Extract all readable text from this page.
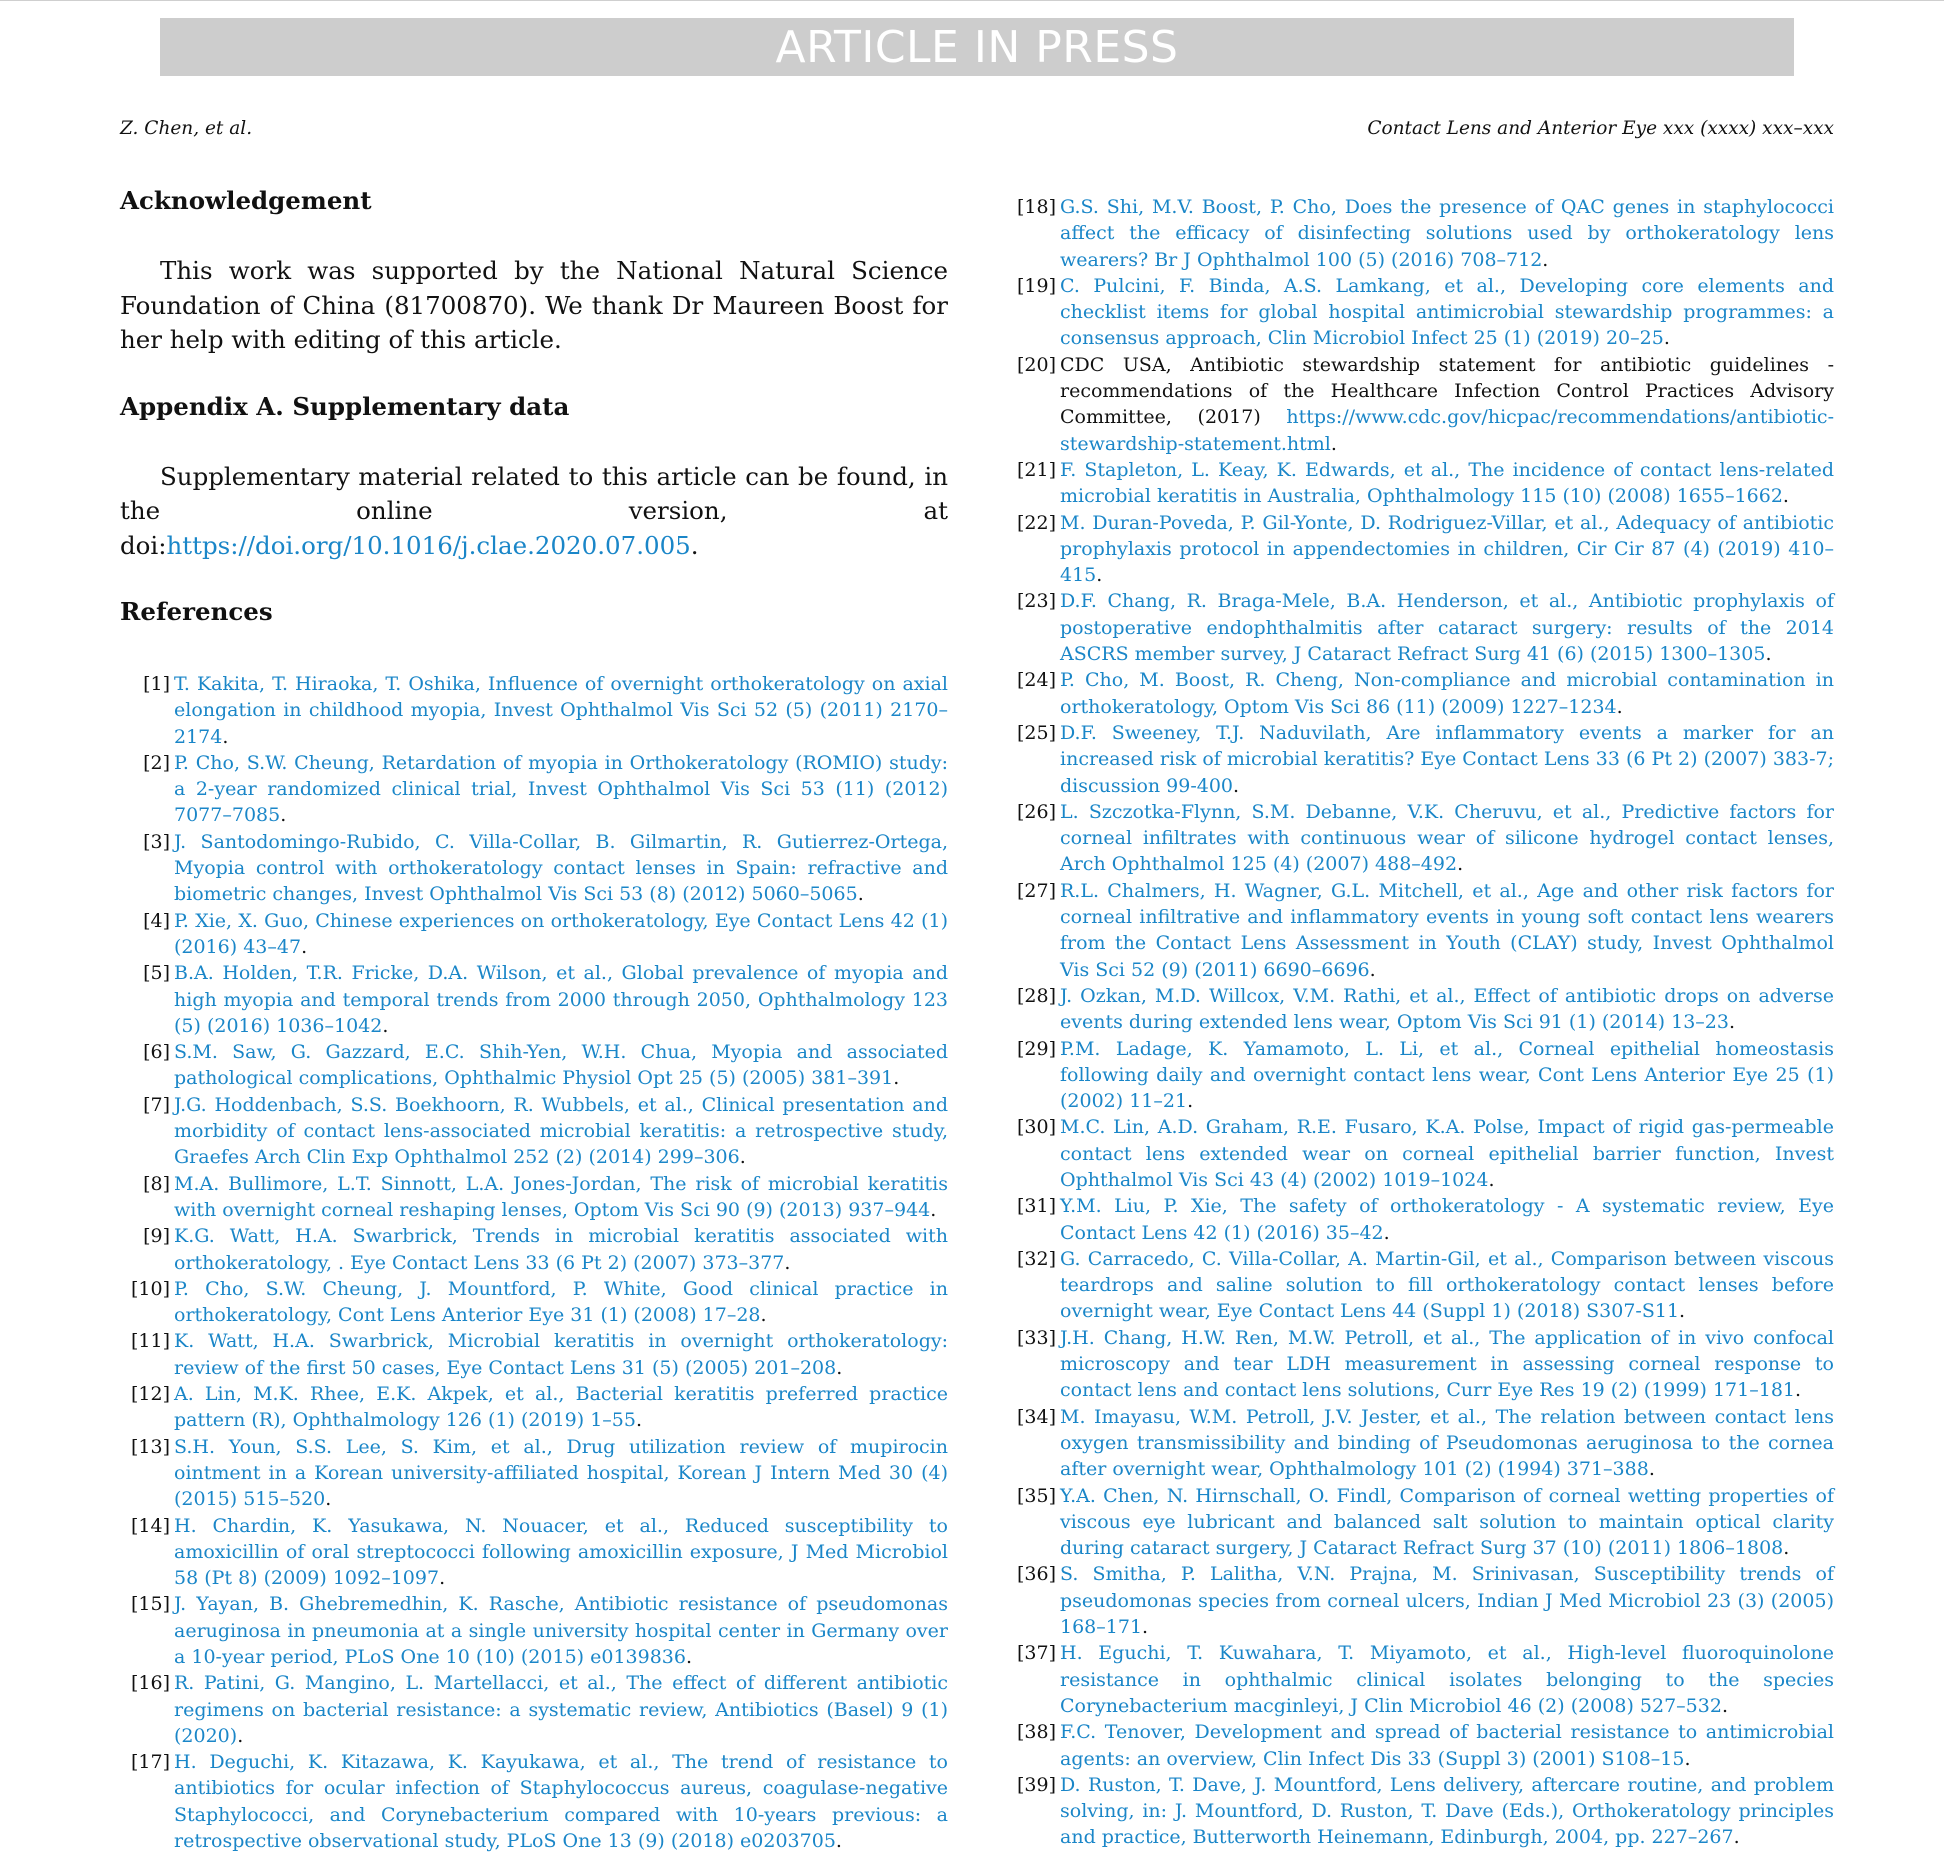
ARTICLE IN PRESS
Z. Chen, et al.	Contact Lens and Anterior Eye xxx (xxxx) xxx–xxx
Acknowledgement

This work was supported by the National Natural Science Foundation of China (81700870). We thank Dr Maureen Boost for her help with editing of this article.

Appendix A. Supplementary data

Supplementary material related to this article can be found, in the online version, at doi:https://doi.org/10.1016/j.clae.2020.07.005.

References
[1] T. Kakita, T. Hiraoka, T. Oshika, Influence of overnight orthokeratology on axial elongation in childhood myopia, Invest Ophthalmol Vis Sci 52 (5) (2011) 2170–2174.
[2] P. Cho, S.W. Cheung, Retardation of myopia in Orthokeratology (ROMIO) study: a 2-year randomized clinical trial, Invest Ophthalmol Vis Sci 53 (11) (2012) 7077–7085.
[3] J. Santodomingo-Rubido, C. Villa-Collar, B. Gilmartin, R. Gutierrez-Ortega, Myopia control with orthokeratology contact lenses in Spain: refractive and biometric changes, Invest Ophthalmol Vis Sci 53 (8) (2012) 5060–5065.
[4] P. Xie, X. Guo, Chinese experiences on orthokeratology, Eye Contact Lens 42 (1) (2016) 43–47.
[5] B.A. Holden, T.R. Fricke, D.A. Wilson, et al., Global prevalence of myopia and high myopia and temporal trends from 2000 through 2050, Ophthalmology 123 (5) (2016) 1036–1042.
[6] S.M. Saw, G. Gazzard, E.C. Shih-Yen, W.H. Chua, Myopia and associated pathological complications, Ophthalmic Physiol Opt 25 (5) (2005) 381–391.
[7] J.G. Hoddenbach, S.S. Boekhoorn, R. Wubbels, et al., Clinical presentation and morbidity of contact lens-associated microbial keratitis: a retrospective study, Graefes Arch Clin Exp Ophthalmol 252 (2) (2014) 299–306.
[8] M.A. Bullimore, L.T. Sinnott, L.A. Jones-Jordan, The risk of microbial keratitis with overnight corneal reshaping lenses, Optom Vis Sci 90 (9) (2013) 937–944.
[9] K.G. Watt, H.A. Swarbrick, Trends in microbial keratitis associated with orthokeratology, . Eye Contact Lens 33 (6 Pt 2) (2007) 373–377.
[10] P. Cho, S.W. Cheung, J. Mountford, P. White, Good clinical practice in orthokeratology, Cont Lens Anterior Eye 31 (1) (2008) 17–28.
[11] K. Watt, H.A. Swarbrick, Microbial keratitis in overnight orthokeratology: review of the first 50 cases, Eye Contact Lens 31 (5) (2005) 201–208.
[12] A. Lin, M.K. Rhee, E.K. Akpek, et al., Bacterial keratitis preferred practice pattern (R), Ophthalmology 126 (1) (2019) 1–55.
[13] S.H. Youn, S.S. Lee, S. Kim, et al., Drug utilization review of mupirocin ointment in a Korean university-affiliated hospital, Korean J Intern Med 30 (4) (2015) 515–520.
[14] H. Chardin, K. Yasukawa, N. Nouacer, et al., Reduced susceptibility to amoxicillin of oral streptococci following amoxicillin exposure, J Med Microbiol 58 (Pt 8) (2009) 1092–1097.
[15] J. Yayan, B. Ghebremedhin, K. Rasche, Antibiotic resistance of pseudomonas aeruginosa in pneumonia at a single university hospital center in Germany over a 10-year period, PLoS One 10 (10) (2015) e0139836.
[16] R. Patini, G. Mangino, L. Martellacci, et al., The effect of different antibiotic regimens on bacterial resistance: a systematic review, Antibiotics (Basel) 9 (1) (2020).
[17] H. Deguchi, K. Kitazawa, K. Kayukawa, et al., The trend of resistance to antibiotics for ocular infection of Staphylococcus aureus, coagulase-negative Staphylococci, and Corynebacterium compared with 10-years previous: a retrospective observational study, PLoS One 13 (9) (2018) e0203705.
[18] G.S. Shi, M.V. Boost, P. Cho, Does the presence of QAC genes in staphylococci affect the efficacy of disinfecting solutions used by orthokeratology lens wearers? Br J Ophthalmol 100 (5) (2016) 708–712.
[19] C. Pulcini, F. Binda, A.S. Lamkang, et al., Developing core elements and checklist items for global hospital antimicrobial stewardship programmes: a consensus approach, Clin Microbiol Infect 25 (1) (2019) 20–25.
[20] CDC USA, Antibiotic stewardship statement for antibiotic guidelines - recommendations of the Healthcare Infection Control Practices Advisory Committee, (2017) https://www.cdc.gov/hicpac/recommendations/antibiotic-stewardship-statement.html.
[21] F. Stapleton, L. Keay, K. Edwards, et al., The incidence of contact lens-related microbial keratitis in Australia, Ophthalmology 115 (10) (2008) 1655–1662.
[22] M. Duran-Poveda, P. Gil-Yonte, D. Rodriguez-Villar, et al., Adequacy of antibiotic prophylaxis protocol in appendectomies in children, Cir Cir 87 (4) (2019) 410–415.
[23] D.F. Chang, R. Braga-Mele, B.A. Henderson, et al., Antibiotic prophylaxis of postoperative endophthalmitis after cataract surgery: results of the 2014 ASCRS member survey, J Cataract Refract Surg 41 (6) (2015) 1300–1305.
[24] P. Cho, M. Boost, R. Cheng, Non-compliance and microbial contamination in orthokeratology, Optom Vis Sci 86 (11) (2009) 1227–1234.
[25] D.F. Sweeney, T.J. Naduvilath, Are inflammatory events a marker for an increased risk of microbial keratitis? Eye Contact Lens 33 (6 Pt 2) (2007) 383-7; discussion 99-400.
[26] L. Szczotka-Flynn, S.M. Debanne, V.K. Cheruvu, et al., Predictive factors for corneal infiltrates with continuous wear of silicone hydrogel contact lenses, Arch Ophthalmol 125 (4) (2007) 488–492.
[27] R.L. Chalmers, H. Wagner, G.L. Mitchell, et al., Age and other risk factors for corneal infiltrative and inflammatory events in young soft contact lens wearers from the Contact Lens Assessment in Youth (CLAY) study, Invest Ophthalmol Vis Sci 52 (9) (2011) 6690–6696.
[28] J. Ozkan, M.D. Willcox, V.M. Rathi, et al., Effect of antibiotic drops on adverse events during extended lens wear, Optom Vis Sci 91 (1) (2014) 13–23.
[29] P.M. Ladage, K. Yamamoto, L. Li, et al., Corneal epithelial homeostasis following daily and overnight contact lens wear, Cont Lens Anterior Eye 25 (1) (2002) 11–21.
[30] M.C. Lin, A.D. Graham, R.E. Fusaro, K.A. Polse, Impact of rigid gas-permeable contact lens extended wear on corneal epithelial barrier function, Invest Ophthalmol Vis Sci 43 (4) (2002) 1019–1024.
[31] Y.M. Liu, P. Xie, The safety of orthokeratology - A systematic review, Eye Contact Lens 42 (1) (2016) 35–42.
[32] G. Carracedo, C. Villa-Collar, A. Martin-Gil, et al., Comparison between viscous teardrops and saline solution to fill orthokeratology contact lenses before overnight wear, Eye Contact Lens 44 (Suppl 1) (2018) S307-S11.
[33] J.H. Chang, H.W. Ren, M.W. Petroll, et al., The application of in vivo confocal microscopy and tear LDH measurement in assessing corneal response to contact lens and contact lens solutions, Curr Eye Res 19 (2) (1999) 171–181.
[34] M. Imayasu, W.M. Petroll, J.V. Jester, et al., The relation between contact lens oxygen transmissibility and binding of Pseudomonas aeruginosa to the cornea after overnight wear, Ophthalmology 101 (2) (1994) 371–388.
[35] Y.A. Chen, N. Hirnschall, O. Findl, Comparison of corneal wetting properties of viscous eye lubricant and balanced salt solution to maintain optical clarity during cataract surgery, J Cataract Refract Surg 37 (10) (2011) 1806–1808.
[36] S. Smitha, P. Lalitha, V.N. Prajna, M. Srinivasan, Susceptibility trends of pseudomonas species from corneal ulcers, Indian J Med Microbiol 23 (3) (2005) 168–171.
[37] H. Eguchi, T. Kuwahara, T. Miyamoto, et al., High-level fluoroquinolone resistance in ophthalmic clinical isolates belonging to the species Corynebacterium macginleyi, J Clin Microbiol 46 (2) (2008) 527–532.
[38] F.C. Tenover, Development and spread of bacterial resistance to antimicrobial agents: an overview, Clin Infect Dis 33 (Suppl 3) (2001) S108–15.
[39] D. Ruston, T. Dave, J. Mountford, Lens delivery, aftercare routine, and problem solving, in: J. Mountford, D. Ruston, T. Dave (Eds.), Orthokeratology principles and practice, Butterworth Heinemann, Edinburgh, 2004, pp. 227–267.
